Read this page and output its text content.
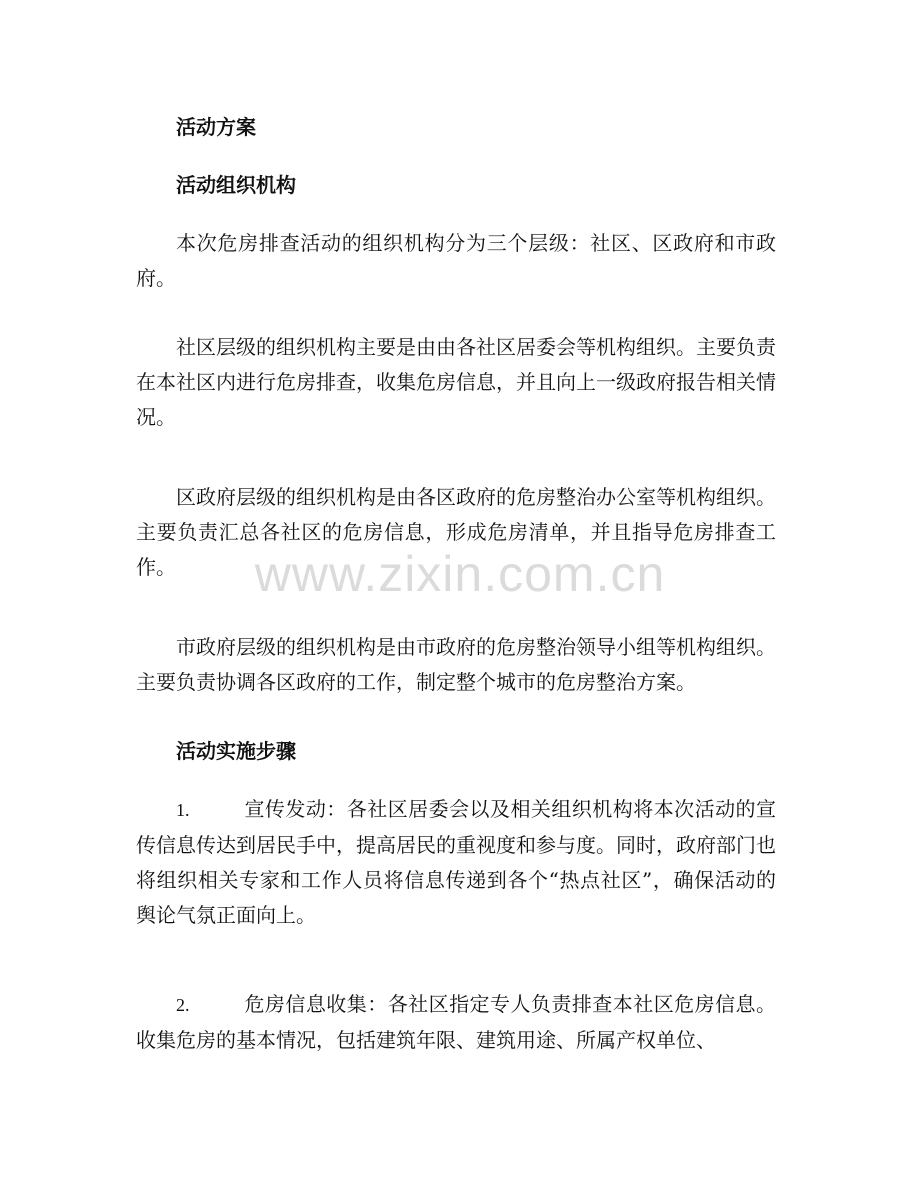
活动方案

活动组织机构

本次危房排查活动的组织机构分为三个层级：社区、区政府和市政府。

社区层级的组织机构主要是由由各社区居委会等机构组织。主要负责在本社区内进行危房排查，收集危房信息，并且向上一级政府报告相关情况。

区政府层级的组织机构是由各区政府的危房整治办公室等机构组织。主要负责汇总各社区的危房信息，形成危房清单，并且指导危房排查工作。

市政府层级的组织机构是由市政府的危房整治领导小组等机构组织。主要负责协调各区政府的工作，制定整个城市的危房整治方案。

活动实施步骤

1.	宣传发动：各社区居委会以及相关组织机构将本次活动的宣传信息传达到居民手中，提高居民的重视度和参与度。同时，政府部门也将组织相关专家和工作人员将信息传递到各个“热点社区”，确保活动的舆论气氛正面向上。

2.	危房信息收集：各社区指定专人负责排查本社区危房信息。收集危房的基本情况，包括建筑年限、建筑用途、所属产权单位、

www.zixin.com.cn
